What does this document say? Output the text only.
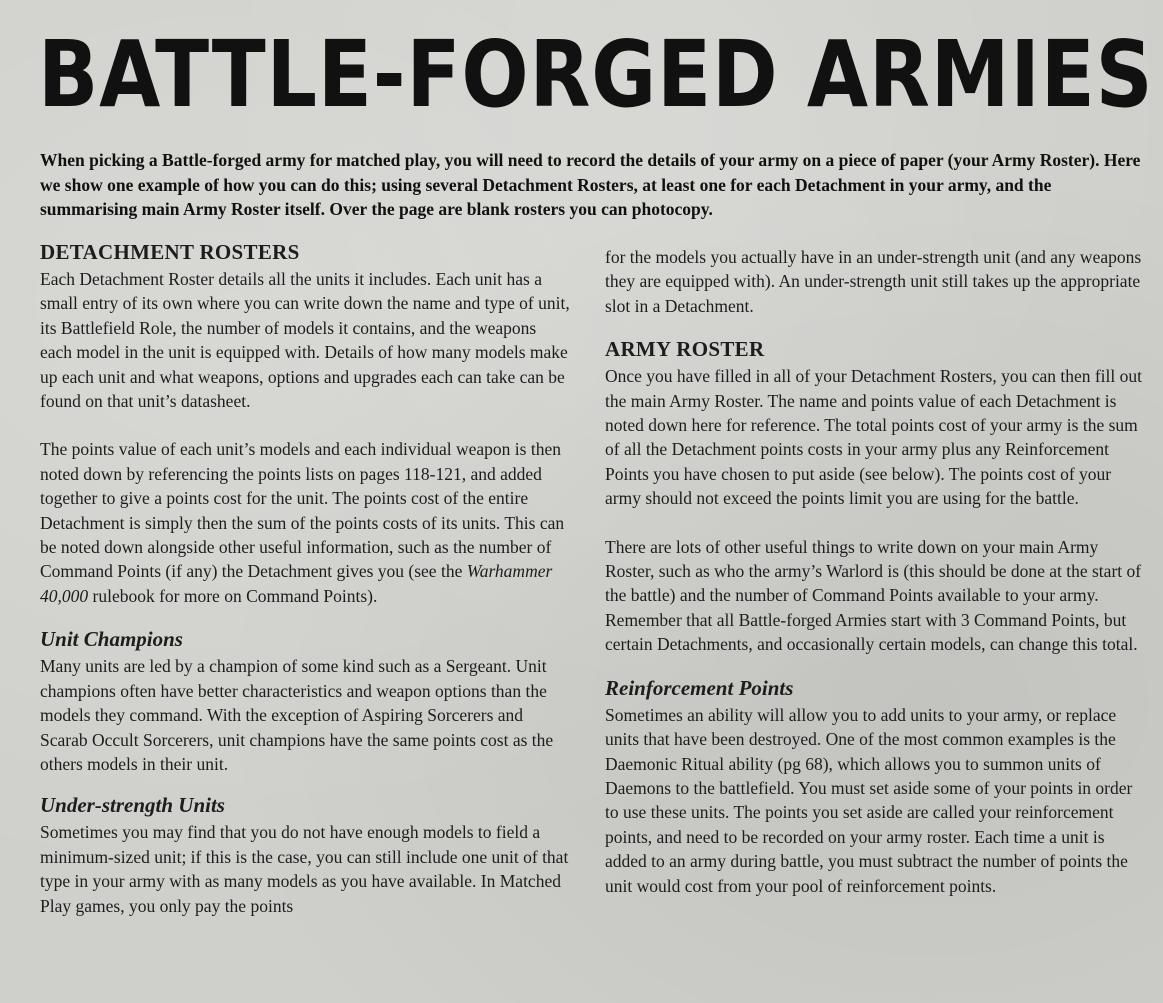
BATTLE-FORGED ARMIES

When picking a Battle-forged army for matched play, you will need to record the details of your army on a piece of paper (your Army Roster). Here we show one example of how you can do this; using several Detachment Rosters, at least one for each Detachment in your army, and the summarising main Army Roster itself. Over the page are blank rosters you can photocopy.

DETACHMENT ROSTERS

Each Detachment Roster details all the units it includes. Each unit has a small entry of its own where you can write down the name and type of unit, its Battlefield Role, the number of models it contains, and the weapons each model in the unit is equipped with. Details of how many models make up each unit and what weapons, options and upgrades each can take can be found on that unit’s datasheet.

The points value of each unit’s models and each individual weapon is then noted down by referencing the points lists on pages 118-121, and added together to give a points cost for the unit. The points cost of the entire Detachment is simply then the sum of the points costs of its units. This can be noted down alongside other useful information, such as the number of Command Points (if any) the Detachment gives you (see the Warhammer 40,000 rulebook for more on Command Points).

Unit Champions

Many units are led by a champion of some kind such as a Sergeant. Unit champions often have better characteristics and weapon options than the models they command. With the exception of Aspiring Sorcerers and Scarab Occult Sorcerers, unit champions have the same points cost as the others models in their unit.

Under-strength Units

Sometimes you may find that you do not have enough models to field a minimum-sized unit; if this is the case, you can still include one unit of that type in your army with as many models as you have available. In Matched Play games, you only pay the points

for the models you actually have in an under-strength unit (and any weapons they are equipped with). An under-strength unit still takes up the appropriate slot in a Detachment.

ARMY ROSTER

Once you have filled in all of your Detachment Rosters, you can then fill out the main Army Roster. The name and points value of each Detachment is noted down here for reference. The total points cost of your army is the sum of all the Detachment points costs in your army plus any Reinforcement Points you have chosen to put aside (see below). The points cost of your army should not exceed the points limit you are using for the battle.

There are lots of other useful things to write down on your main Army Roster, such as who the army’s Warlord is (this should be done at the start of the battle) and the number of Command Points available to your army. Remember that all Battle-forged Armies start with 3 Command Points, but certain Detachments, and occasionally certain models, can change this total.

Reinforcement Points

Sometimes an ability will allow you to add units to your army, or replace units that have been destroyed. One of the most common examples is the Daemonic Ritual ability (pg 68), which allows you to summon units of Daemons to the battlefield. You must set aside some of your points in order to use these units. The points you set aside are called your reinforcement points, and need to be recorded on your army roster. Each time a unit is added to an army during battle, you must subtract the number of points the unit would cost from your pool of reinforcement points.
